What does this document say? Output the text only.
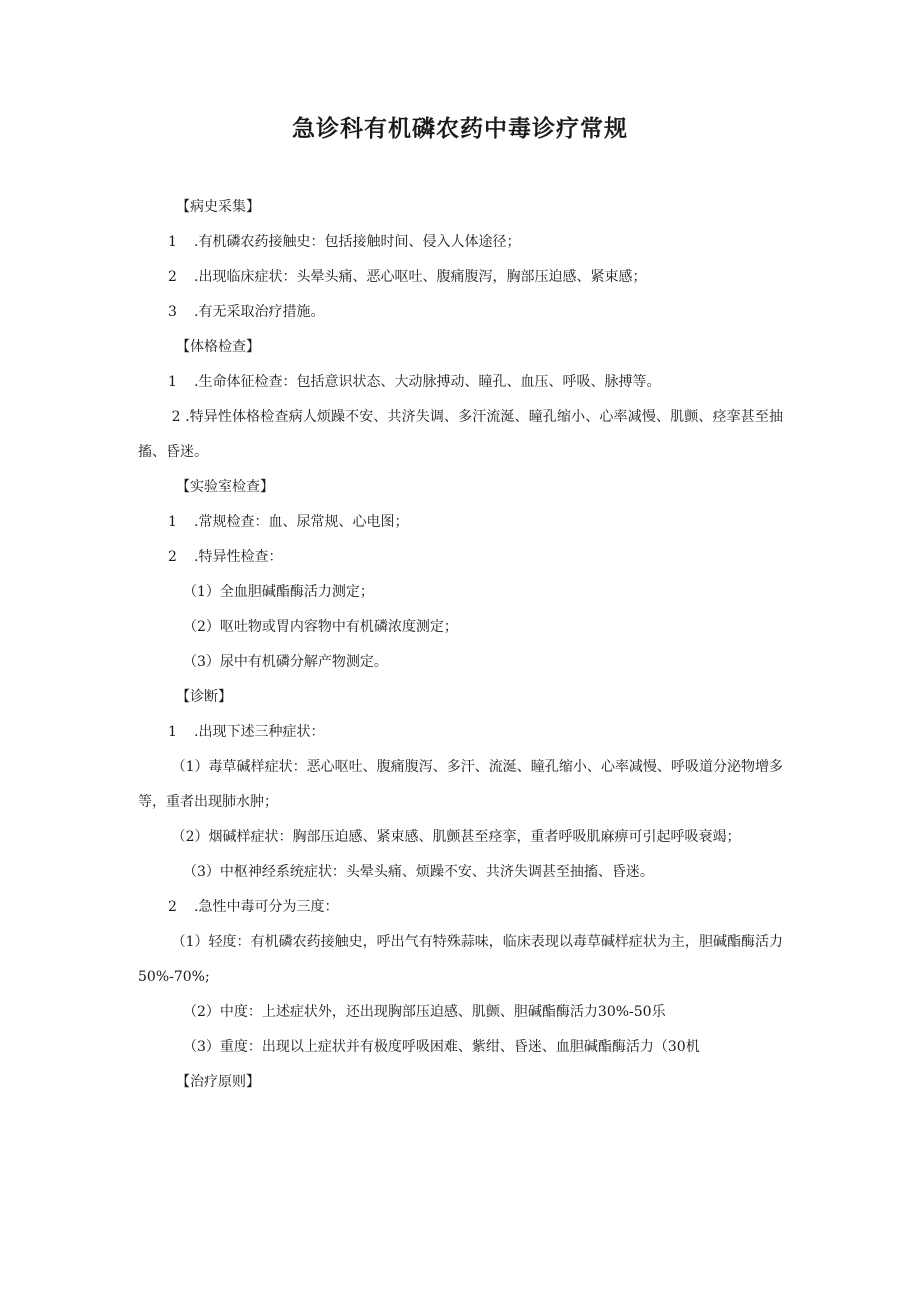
急诊科有机磷农药中毒诊疗常规
【病史采集】
1 .有机磷农药接触史：包括接触时间、侵入人体途径；
2 .出现临床症状：头晕头痛、恶心呕吐、腹痛腹泻，胸部压迫感、紧束感；
3 .有无采取治疗措施。
【体格检查】
1 .生命体征检查：包括意识状态、大动脉搏动、瞳孔、血压、呼吸、脉搏等。
2 .特异性体格检查病人烦躁不安、共济失调、多汗流涎、瞳孔缩小、心率减慢、肌颤、痉挛甚至抽搐、昏迷。
【实验室检查】
1 .常规检查：血、尿常规、心电图；
2 .特异性检查：
（1）全血胆碱酯酶活力测定；
（2）呕吐物或胃内容物中有机磷浓度测定；
（3）尿中有机磷分解产物测定。
【诊断】
1 .出现下述三种症状：
（1）毒草碱样症状：恶心呕吐、腹痛腹泻、多汗、流涎、瞳孔缩小、心率减慢、呼吸道分泌物增多等，重者出现肺水肿；
（2）烟碱样症状：胸部压迫感、紧束感、肌颤甚至痉挛，重者呼吸肌麻痹可引起呼吸衰竭；
（3）中枢神经系统症状：头晕头痛、烦躁不安、共济失调甚至抽搐、昏迷。
2 .急性中毒可分为三度：
（1）轻度：有机磷农药接触史，呼出气有特殊蒜味，临床表现以毒草碱样症状为主，胆碱酯酶活力50%-70%;
（2）中度：上述症状外，还出现胸部压迫感、肌颤、胆碱酯酶活力30%-50乐
（3）重度：出现以上症状并有极度呼吸困难、紫绀、昏迷、血胆碱酯酶活力（30机
【治疗原则】
